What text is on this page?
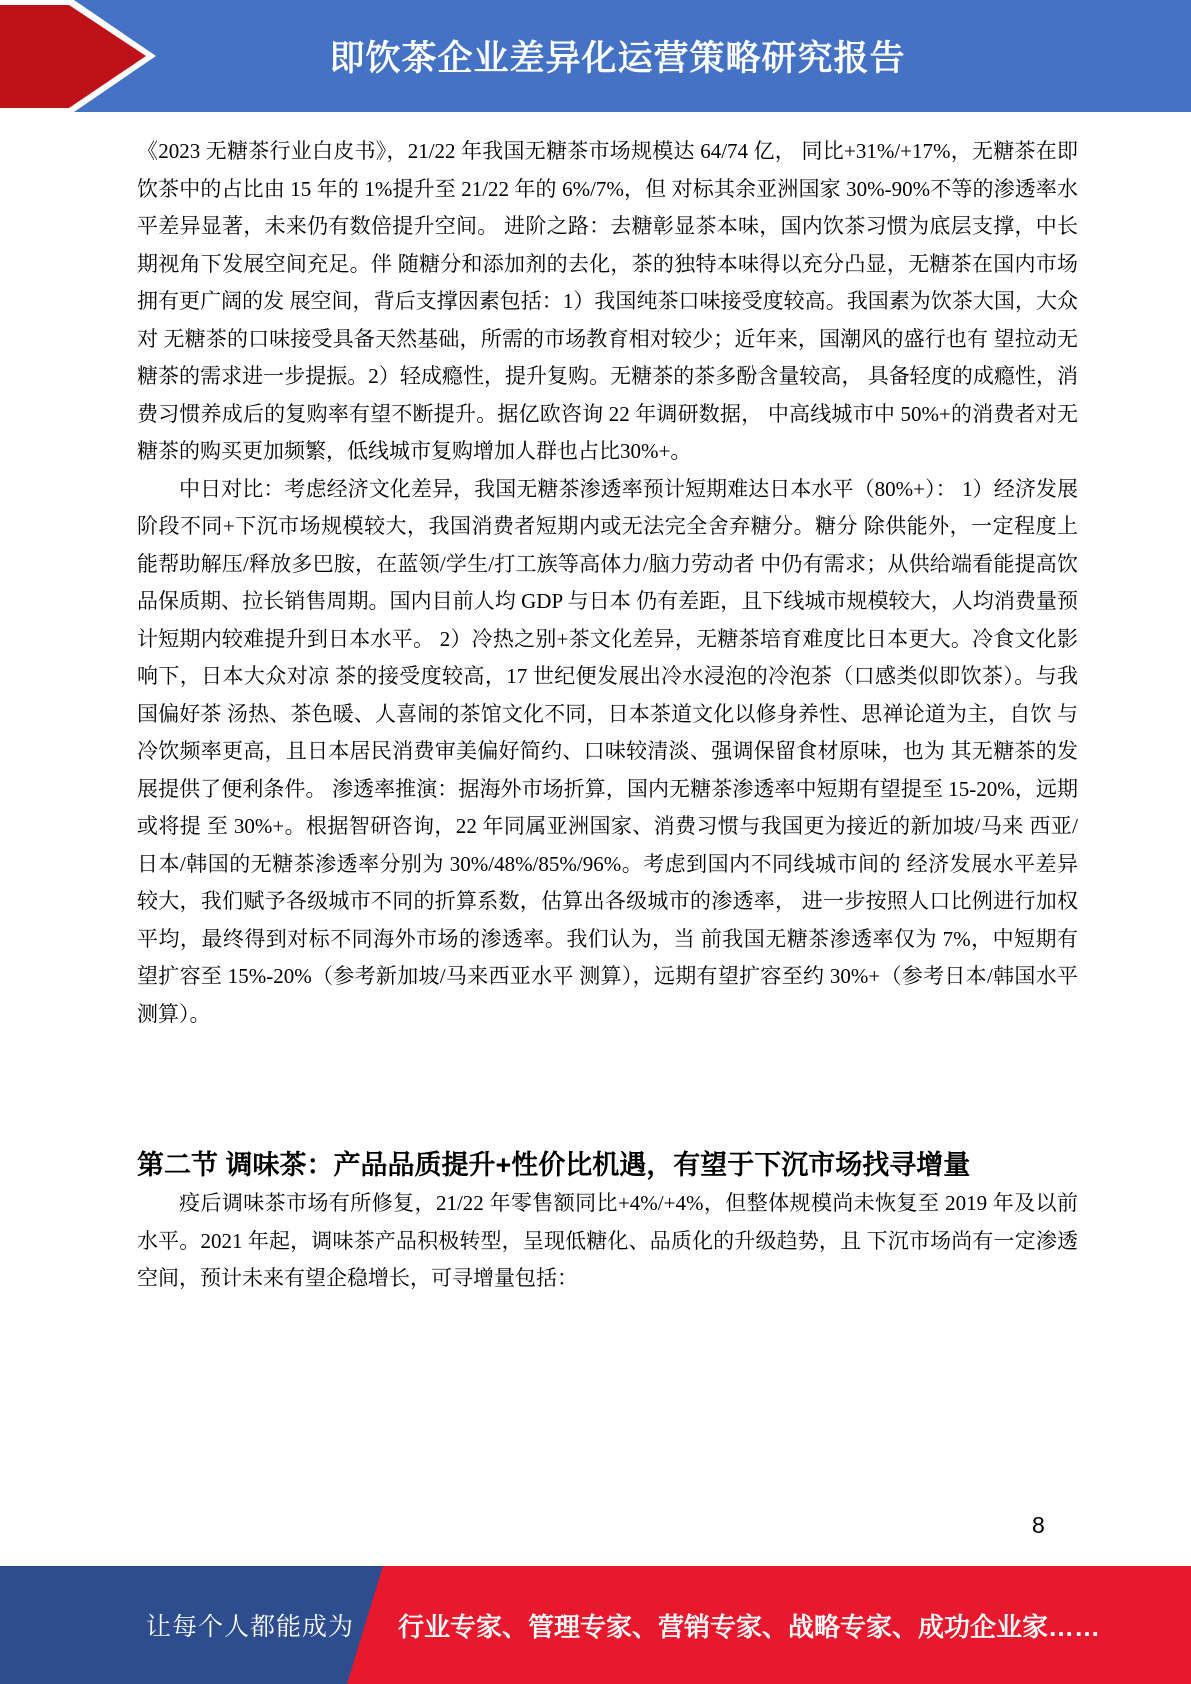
即饮茶企业差异化运营策略研究报告

《2023 无糖茶行业白皮书》，21/22 年我国无糖茶市场规模达 64/74 亿， 同比+31%/+17%，无糖茶在即饮茶中的占比由 15 年的 1%提升至 21/22 年的 6%/7%，但 对标其余亚洲国家 30%-90%不等的渗透率水平差异显著，未来仍有数倍提升空间。 进阶之路：去糖彰显茶本味，国内饮茶习惯为底层支撑，中长期视角下发展空间充足。伴 随糖分和添加剂的去化，茶的独特本味得以充分凸显，无糖茶在国内市场拥有更广阔的发 展空间，背后支撑因素包括：1）我国纯茶口味接受度较高。我国素为饮茶大国，大众对 无糖茶的口味接受具备天然基础，所需的市场教育相对较少；近年来，国潮风的盛行也有 望拉动无糖茶的需求进一步提振。2）轻成瘾性，提升复购。无糖茶的茶多酚含量较高， 具备轻度的成瘾性，消费习惯养成后的复购率有望不断提升。据亿欧咨询 22 年调研数据， 中高线城市中 50%+的消费者对无糖茶的购买更加频繁，低线城市复购增加人群也占比30%+。

中日对比：考虑经济文化差异，我国无糖茶渗透率预计短期难达日本水平（80%+）： 1）经济发展阶段不同+下沉市场规模较大，我国消费者短期内或无法完全舍弃糖分。糖分 除供能外，一定程度上能帮助解压/释放多巴胺，在蓝领/学生/打工族等高体力/脑力劳动者 中仍有需求；从供给端看能提高饮品保质期、拉长销售周期。国内目前人均 GDP 与日本 仍有差距，且下线城市规模较大，人均消费量预计短期内较难提升到日本水平。 2）冷热之别+茶文化差异，无糖茶培育难度比日本更大。冷食文化影响下，日本大众对凉 茶的接受度较高，17 世纪便发展出冷水浸泡的冷泡茶（口感类似即饮茶）。与我国偏好茶 汤热、茶色暖、人喜闹的茶馆文化不同，日本茶道文化以修身养性、思禅论道为主，自饮 与冷饮频率更高，且日本居民消费审美偏好简约、口味较清淡、强调保留食材原味，也为 其无糖茶的发展提供了便利条件。 渗透率推演：据海外市场折算，国内无糖茶渗透率中短期有望提至 15-20%，远期或将提 至 30%+。根据智研咨询，22 年同属亚洲国家、消费习惯与我国更为接近的新加坡/马来 西亚/日本/韩国的无糖茶渗透率分别为 30%/48%/85%/96%。考虑到国内不同线城市间的 经济发展水平差异较大，我们赋予各级城市不同的折算系数，估算出各级城市的渗透率， 进一步按照人口比例进行加权平均，最终得到对标不同海外市场的渗透率。我们认为，当 前我国无糖茶渗透率仅为 7%，中短期有望扩容至 15%-20%（参考新加坡/马来西亚水平 测算），远期有望扩容至约 30%+（参考日本/韩国水平测算）。

第二节 调味茶：产品品质提升+性价比机遇，有望于下沉市场找寻增量

疫后调味茶市场有所修复，21/22 年零售额同比+4%/+4%，但整体规模尚未恢复至 2019 年及以前水平。2021 年起，调味茶产品积极转型，呈现低糖化、品质化的升级趋势，且 下沉市场尚有一定渗透空间，预计未来有望企稳增长，可寻增量包括：

8
让每个人都能成为 行业专家、管理专家、营销专家、战略专家、成功企业家……
